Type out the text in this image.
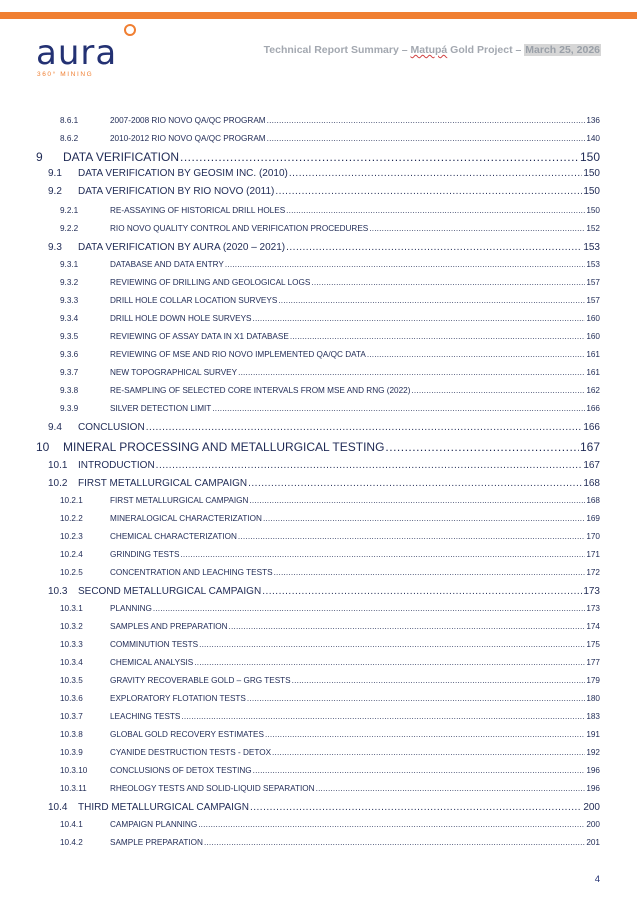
aura
360° MINING
Technical Report Summary – Matupá Gold Project – March 25, 2026
8.6.1	2007-2008 RIO NOVO QA/QC PROGRAM .....	136
8.6.2	2010-2012 RIO NOVO QA/QC PROGRAM .....	140
9	DATA VERIFICATION .....	150
9.1	DATA VERIFICATION BY GEOSIM INC. (2010) .....	150
9.2	DATA VERIFICATION BY RIO NOVO (2011) .....	150
9.2.1	RE-ASSAYING OF HISTORICAL DRILL HOLES .....	150
9.2.2	RIO NOVO QUALITY CONTROL AND VERIFICATION PROCEDURES .....	152
9.3	DATA VERIFICATION BY AURA (2020 – 2021) .....	153
9.3.1	DATABASE AND DATA ENTRY .....	153
9.3.2	REVIEWING OF DRILLING AND GEOLOGICAL LOGS .....	157
9.3.3	DRILL HOLE COLLAR LOCATION SURVEYS .....	157
9.3.4	DRILL HOLE DOWN HOLE SURVEYS .....	160
9.3.5	REVIEWING OF ASSAY DATA IN X1 DATABASE .....	160
9.3.6	REVIEWING OF MSE AND RIO NOVO IMPLEMENTED QA/QC DATA .....	161
9.3.7	NEW TOPOGRAPHICAL SURVEY .....	161
9.3.8	RE-SAMPLING OF SELECTED CORE INTERVALS FROM MSE AND RNG (2022) .....	162
9.3.9	SILVER DETECTION LIMIT .....	166
9.4	CONCLUSION .....	166
10	MINERAL PROCESSING AND METALLURGICAL TESTING .....	167
10.1	INTRODUCTION .....	167
10.2	FIRST METALLURGICAL CAMPAIGN .....	168
10.2.1	FIRST METALLURGICAL CAMPAIGN .....	168
10.2.2	MINERALOGICAL CHARACTERIZATION .....	169
10.2.3	CHEMICAL CHARACTERIZATION .....	170
10.2.4	GRINDING TESTS .....	171
10.2.5	CONCENTRATION AND LEACHING TESTS .....	172
10.3	SECOND METALLURGICAL CAMPAIGN .....	173
10.3.1	PLANNING .....	173
10.3.2	SAMPLES AND PREPARATION .....	174
10.3.3	COMMINUTION TESTS .....	175
10.3.4	CHEMICAL ANALYSIS .....	177
10.3.5	GRAVITY RECOVERABLE GOLD – GRG TESTS .....	179
10.3.6	EXPLORATORY FLOTATION TESTS .....	180
10.3.7	LEACHING TESTS .....	183
10.3.8	GLOBAL GOLD RECOVERY ESTIMATES .....	191
10.3.9	CYANIDE DESTRUCTION TESTS - DETOX .....	192
10.3.10	CONCLUSIONS OF DETOX TESTING .....	196
10.3.11	RHEOLOGY TESTS AND SOLID-LIQUID SEPARATION .....	196
10.4	THIRD METALLURGICAL CAMPAIGN .....	200
10.4.1	CAMPAIGN PLANNING .....	200
10.4.2	SAMPLE PREPARATION .....	201
4
